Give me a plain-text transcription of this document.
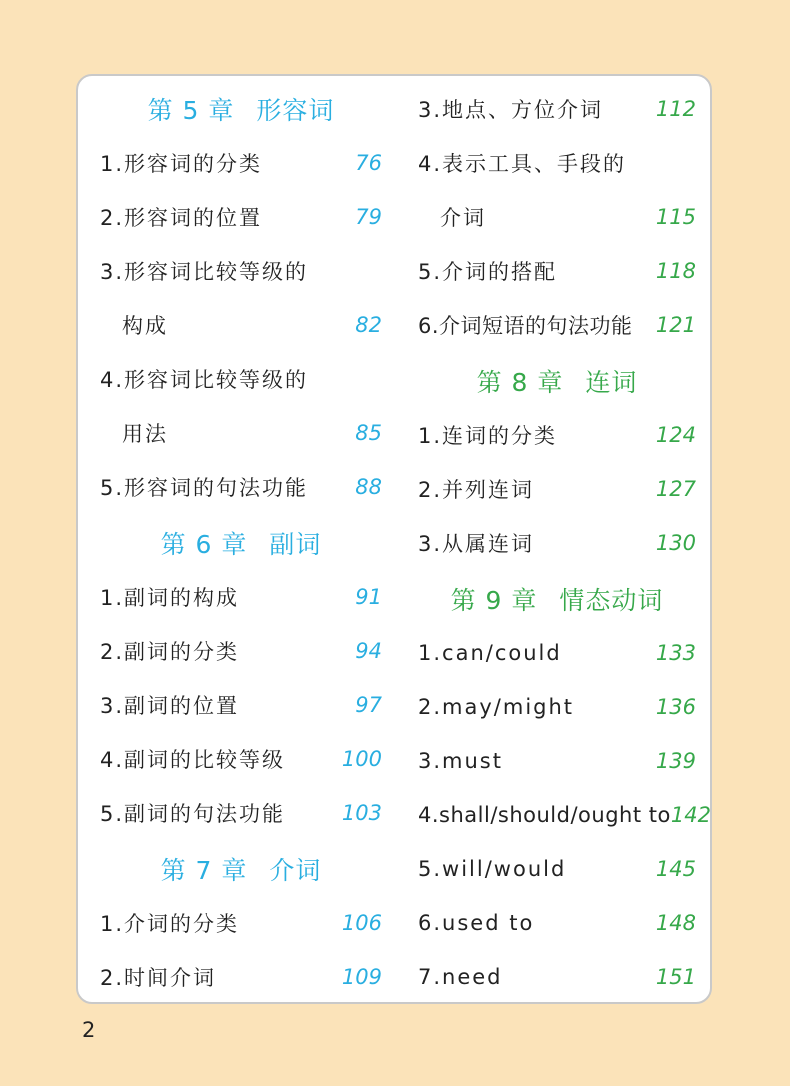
第 5 章 形容词
1.形容词的分类	76
2.形容词的位置	79
3.形容词比较等级的
构成	82
4.形容词比较等级的
用法	85
5.形容词的句法功能 88
第 6 章 副词
1.副词的构成	91
2.副词的分类	94
3.副词的位置	97
4.副词的比较等级	100
5.副词的句法功能	103
第 7 章 介词
1.介词的分类	106
2.时间介词	109
3.地点、方位介词	112
4.表示工具、手段的
介词	115
5.介词的搭配	118
6.介词短语的句法功能 121
第 8 章 连词
1.连词的分类	124
2.并列连词	127
3.从属连词	130
第 9 章 情态动词
1.can/could	133
2.may/might	136
3.must	139
4.shall/should/ought to 142
5.will/would	145
6.used to	148
7.need	151
2
